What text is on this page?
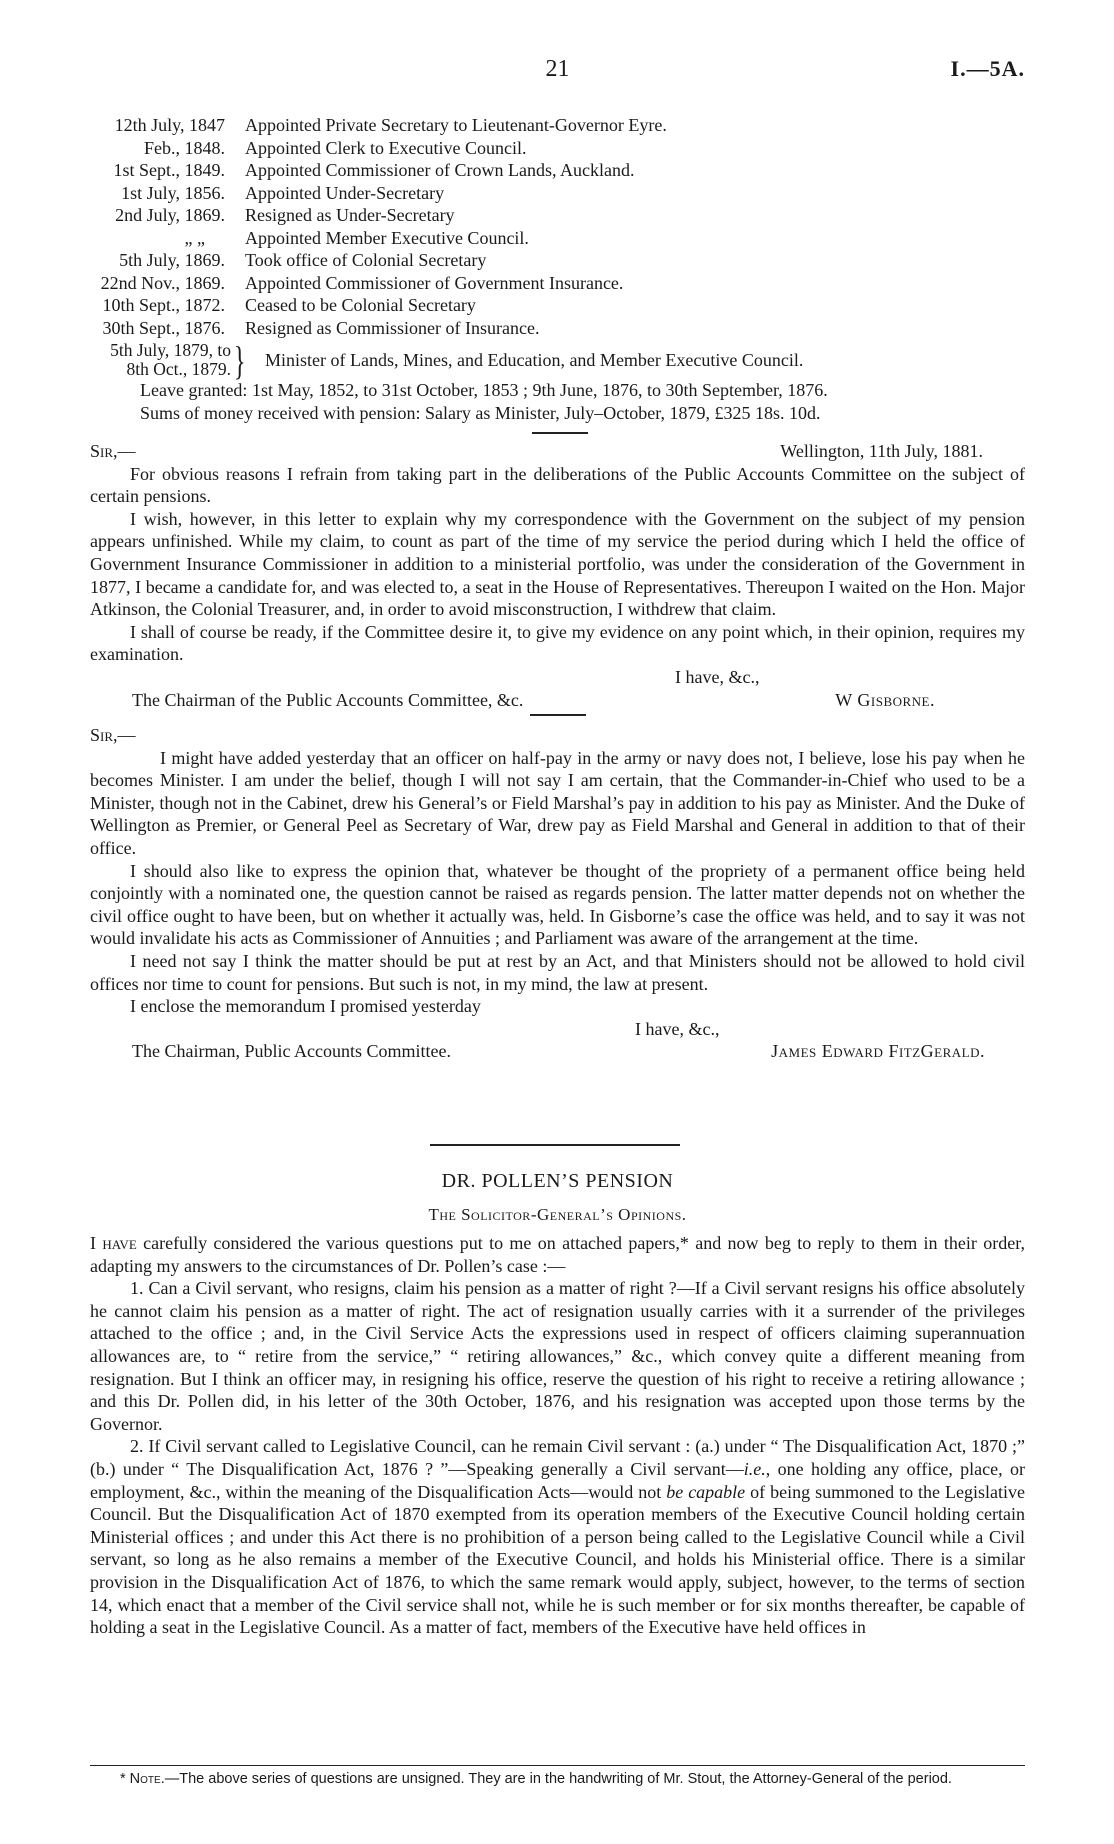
21	I.—5A.
12th July, 1847	Appointed Private Secretary to Lieutenant-Governor Eyre.
Feb., 1848.	Appointed Clerk to Executive Council.
1st Sept., 1849.	Appointed Commissioner of Crown Lands, Auckland.
1st July, 1856.	Appointed Under-Secretary
2nd July, 1869.	Resigned as Under-Secretary
„ „	Appointed Member Executive Council.
5th July, 1869.	Took office of Colonial Secretary
22nd Nov., 1869.	Appointed Commissioner of Government Insurance.
10th Sept., 1872.	Ceased to be Colonial Secretary
30th Sept., 1876.	Resigned as Commissioner of Insurance.
5th July, 1879, to
8th Oct., 1879. }	Minister of Lands, Mines, and Education, and Member Executive Council.
Leave granted: 1st May, 1852, to 31st October, 1853 ; 9th June, 1876, to 30th September, 1876.
Sums of money received with pension: Salary as Minister, July–October, 1879, £325 18s. 10d.
Sir,—	Wellington, 11th July, 1881.

For obvious reasons I refrain from taking part in the deliberations of the Public Accounts Committee on the subject of certain pensions.

I wish, however, in this letter to explain why my correspondence with the Government on the subject of my pension appears unfinished. While my claim, to count as part of the time of my service the period during which I held the office of Government Insurance Commissioner in addition to a ministerial portfolio, was under the consideration of the Government in 1877, I became a candidate for, and was elected to, a seat in the House of Representatives. Thereupon I waited on the Hon. Major Atkinson, the Colonial Treasurer, and, in order to avoid misconstruction, I withdrew that claim.

I shall of course be ready, if the Committee desire it, to give my evidence on any point which, in their opinion, requires my examination.

I have, &c.,
The Chairman of the Public Accounts Committee, &c.	W Gisborne.
Sir,—

I might have added yesterday that an officer on half-pay in the army or navy does not, I believe, lose his pay when he becomes Minister. I am under the belief, though I will not say I am certain, that the Commander-in-Chief who used to be a Minister, though not in the Cabinet, drew his General’s or Field Marshal’s pay in addition to his pay as Minister. And the Duke of Wellington as Premier, or General Peel as Secretary of War, drew pay as Field Marshal and General in addition to that of their office.

I should also like to express the opinion that, whatever be thought of the propriety of a permanent office being held conjointly with a nominated one, the question cannot be raised as regards pension. The latter matter depends not on whether the civil office ought to have been, but on whether it actually was, held. In Gisborne’s case the office was held, and to say it was not would invalidate his acts as Commissioner of Annuities ; and Parliament was aware of the arrangement at the time.

I need not say I think the matter should be put at rest by an Act, and that Ministers should not be allowed to hold civil offices nor time to count for pensions. But such is not, in my mind, the law at present.

I enclose the memorandum I promised yesterday

I have, &c.,
The Chairman, Public Accounts Committee.	James Edward FitzGerald.
DR. POLLEN’S PENSION
The Solicitor-General’s Opinions.

I have carefully considered the various questions put to me on attached papers,* and now beg to reply to them in their order, adapting my answers to the circumstances of Dr. Pollen’s case :—

1. Can a Civil servant, who resigns, claim his pension as a matter of right ?—If a Civil servant resigns his office absolutely he cannot claim his pension as a matter of right. The act of resignation usually carries with it a surrender of the privileges attached to the office ; and, in the Civil Service Acts the expressions used in respect of officers claiming superannuation allowances are, to “ retire from the service,” “ retiring allowances,” &c., which convey quite a different meaning from resignation. But I think an officer may, in resigning his office, reserve the question of his right to receive a retiring allowance ; and this Dr. Pollen did, in his letter of the 30th October, 1876, and his resignation was accepted upon those terms by the Governor.

2. If Civil servant called to Legislative Council, can he remain Civil servant : (a.) under “ The Disqualification Act, 1870 ;” (b.) under “ The Disqualification Act, 1876 ? ”—Speaking generally a Civil servant—i.e., one holding any office, place, or employment, &c., within the meaning of the Disqualification Acts—would not be capable of being summoned to the Legislative Council. But the Disqualification Act of 1870 exempted from its operation members of the Executive Council holding certain Ministerial offices ; and under this Act there is no prohibition of a person being called to the Legislative Council while a Civil servant, so long as he also remains a member of the Executive Council, and holds his Ministerial office. There is a similar provision in the Disqualification Act of 1876, to which the same remark would apply, subject, however, to the terms of section 14, which enact that a member of the Civil service shall not, while he is such member or for six months thereafter, be capable of holding a seat in the Legislative Council. As a matter of fact, members of the Executive have held offices in

* Note.—The above series of questions are unsigned. They are in the handwriting of Mr. Stout, the Attorney-General of the period.
